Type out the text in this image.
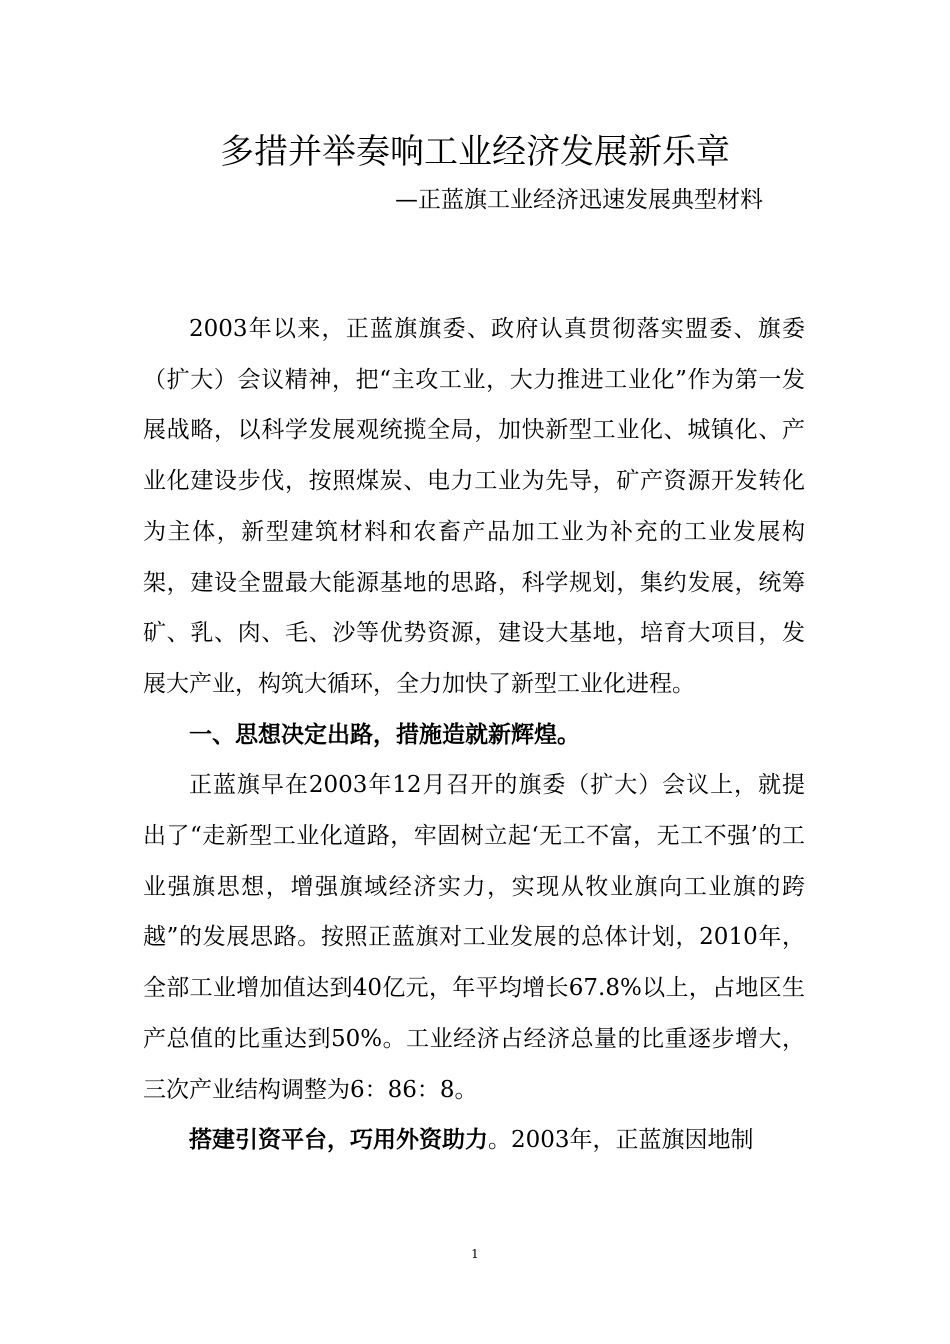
多措并举奏响工业经济发展新乐章

—正蓝旗工业经济迅速发展典型材料

2003年以来，正蓝旗旗委、政府认真贯彻落实盟委、旗委（扩大）会议精神，把“主攻工业，大力推进工业化”作为第一发展战略，以科学发展观统揽全局，加快新型工业化、城镇化、产业化建设步伐，按照煤炭、电力工业为先导，矿产资源开发转化为主体，新型建筑材料和农畜产品加工业为补充的工业发展构架，建设全盟最大能源基地的思路，科学规划，集约发展，统筹矿、乳、肉、毛、沙等优势资源，建设大基地，培育大项目，发展大产业，构筑大循环，全力加快了新型工业化进程。

一、思想决定出路，措施造就新辉煌。

正蓝旗早在2003年12月召开的旗委（扩大）会议上，就提出了“走新型工业化道路，牢固树立起‘无工不富，无工不强’的工业强旗思想，增强旗域经济实力，实现从牧业旗向工业旗的跨越”的发展思路。按照正蓝旗对工业发展的总体计划，2010年，全部工业增加值达到40亿元，年平均增长67.8%以上，占地区生产总值的比重达到50%。工业经济占经济总量的比重逐步增大，三次产业结构调整为6：86：8。

搭建引资平台，巧用外资助力。2003年，正蓝旗因地制

1
